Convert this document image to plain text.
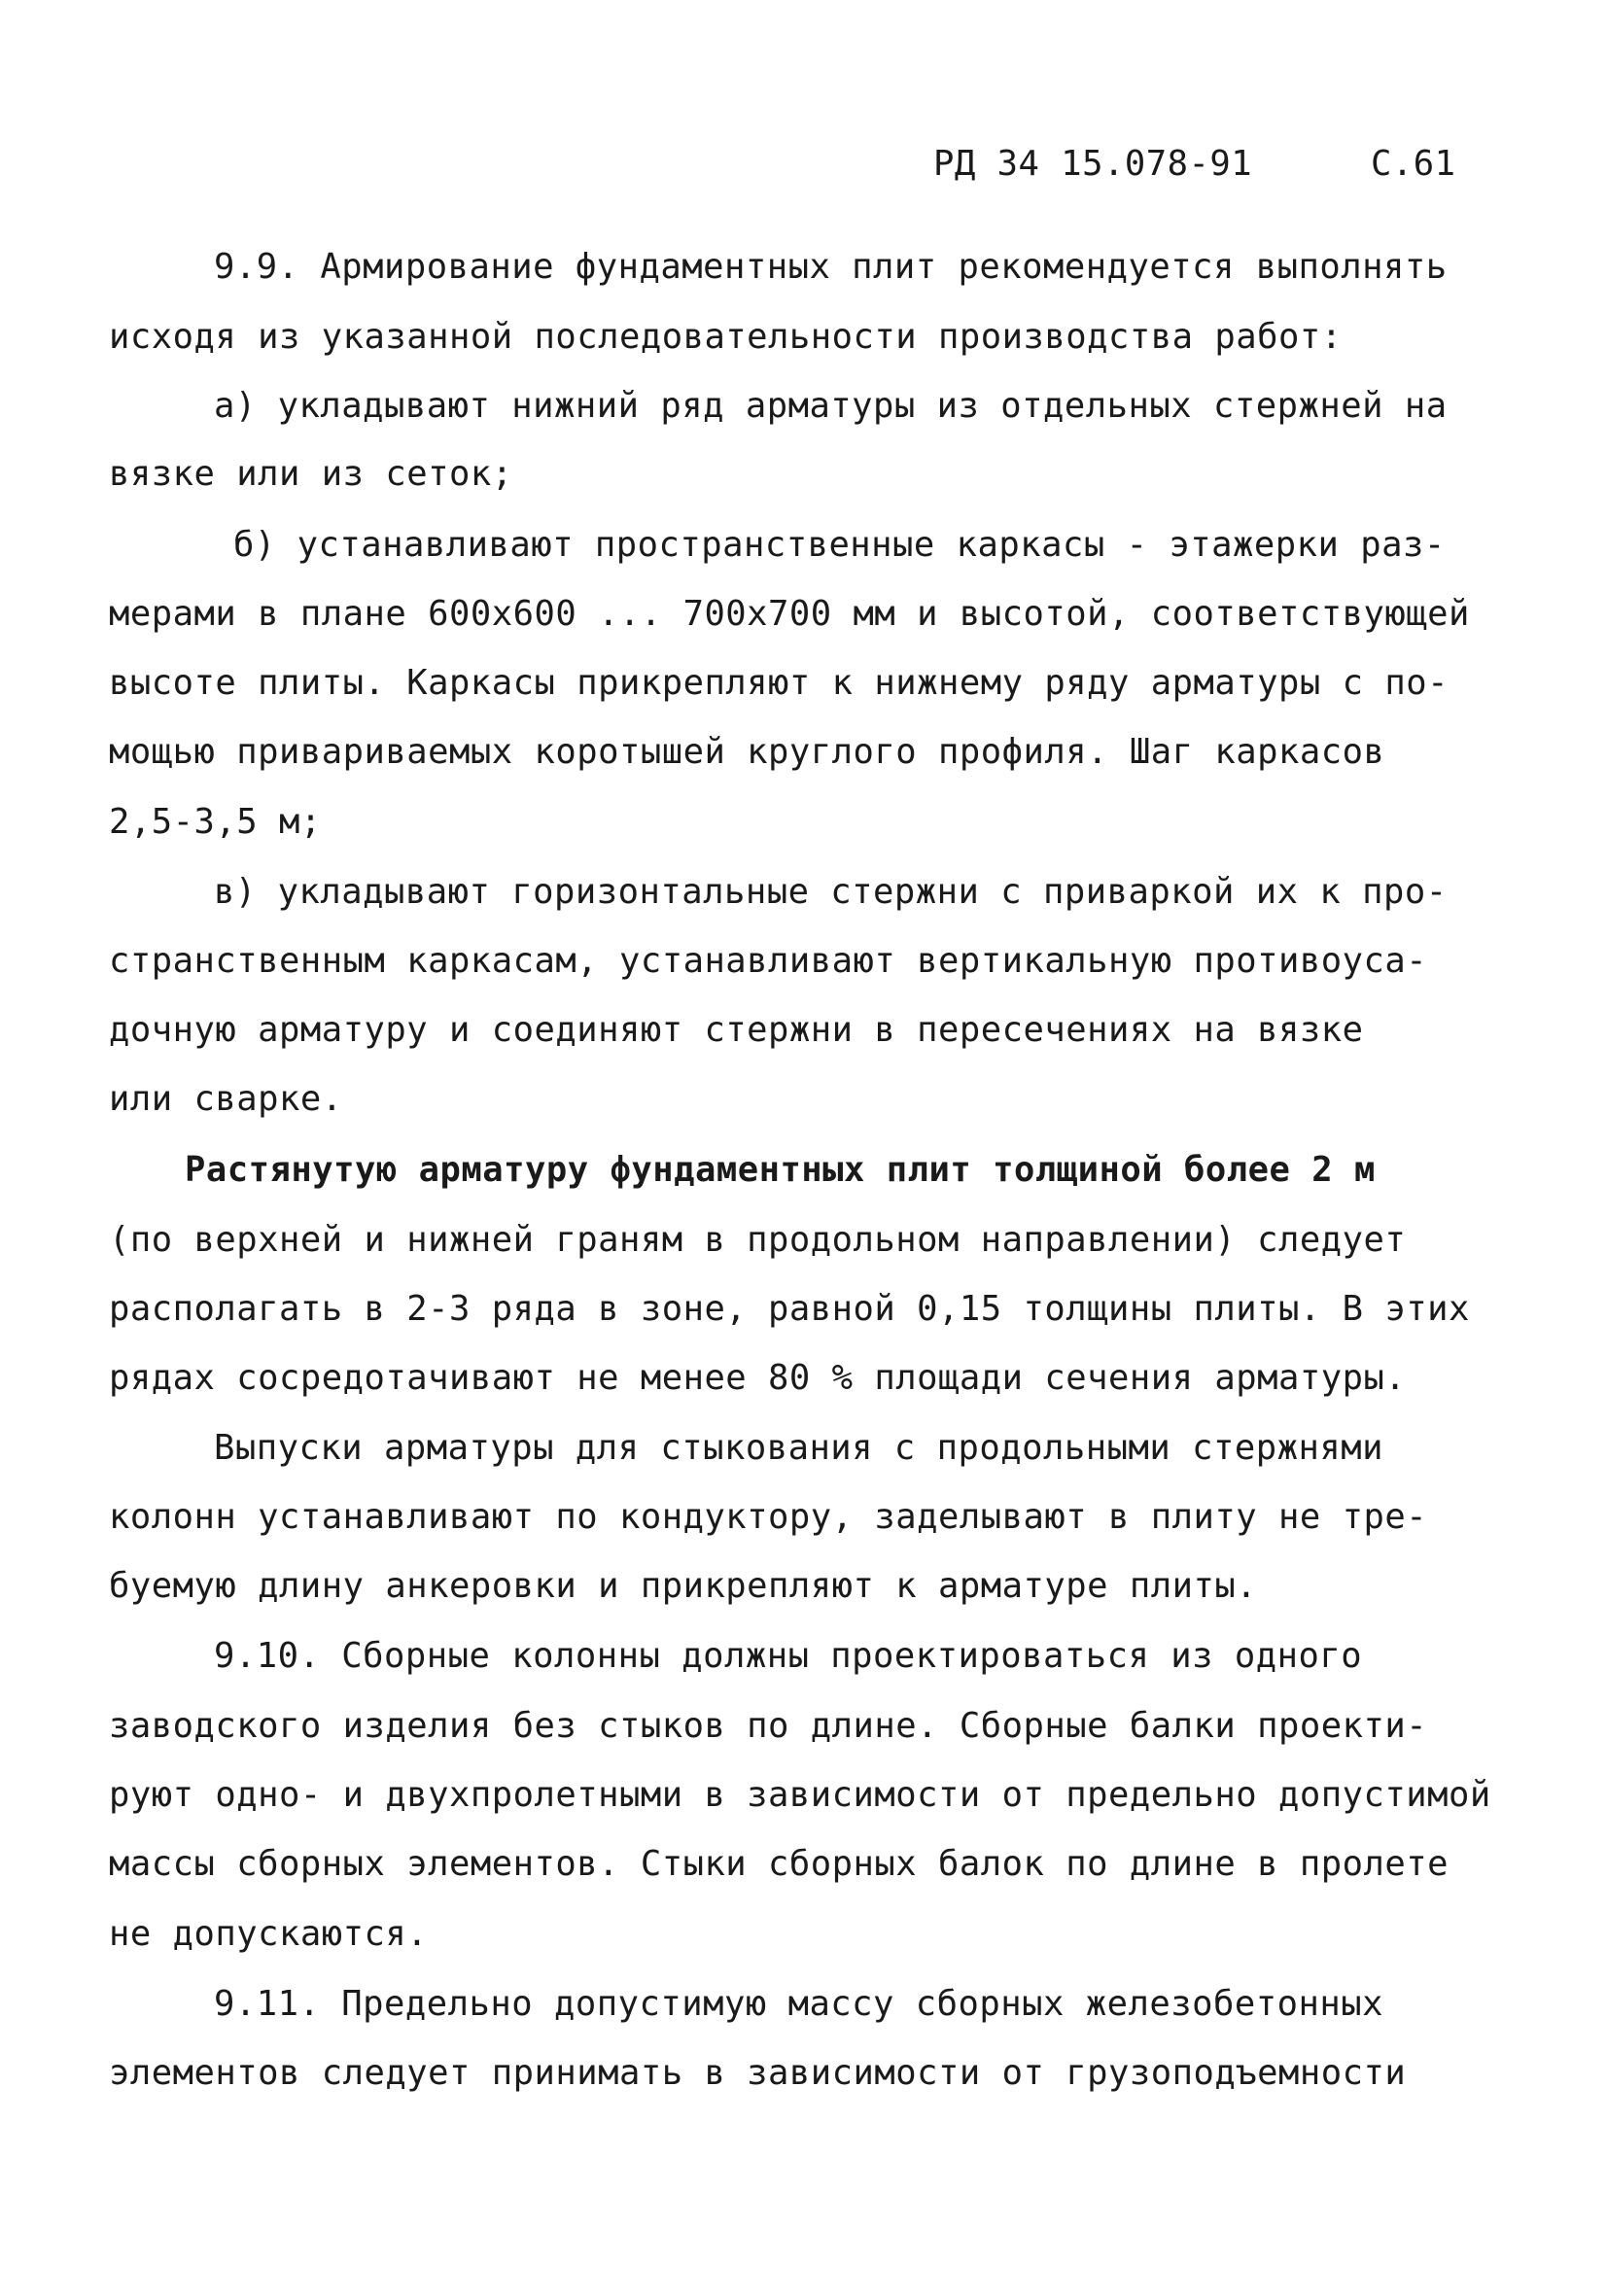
РД 34 15.078-91	С.61
9.9. Армирование фундаментных плит рекомендуется выполнять
исходя из указанной последовательности производства работ:
а) укладывают нижний ряд арматуры из отдельных стержней на
вязке или из сеток;
б) устанавливают пространственные каркасы - этажерки раз-
мерами в плане 600х600 ... 700х700 мм и высотой, соответствующей
высоте плиты. Каркасы прикрепляют к нижнему ряду арматуры с по-
мощью привариваемых коротышей круглого профиля. Шаг каркасов
2,5-3,5 м;
в) укладывают горизонтальные стержни с приваркой их к про-
странственным каркасам, устанавливают вертикальную противоуса-
дочную арматуру и соединяют стержни в пересечениях на вязке
или сварке.
Растянутую арматуру фундаментных плит толщиной более 2 м
(по верхней и нижней граням в продольном направлении) следует
располагать в 2-3 ряда в зоне, равной 0,15 толщины плиты. В этих
рядах сосредотачивают не менее 80 % площади сечения арматуры.
Выпуски арматуры для стыкования с продольными стержнями
колонн устанавливают по кондуктору, заделывают в плиту не тре-
буемую длину анкеровки и прикрепляют к арматуре плиты.
9.10. Сборные колонны должны проектироваться из одного
заводского изделия без стыков по длине. Сборные балки проекти-
руют одно- и двухпролетными в зависимости от предельно допустимой
массы сборных элементов. Стыки сборных балок по длине в пролете
не допускаются.
9.11. Предельно допустимую массу сборных железобетонных
элементов следует принимать в зависимости от грузоподъемности
